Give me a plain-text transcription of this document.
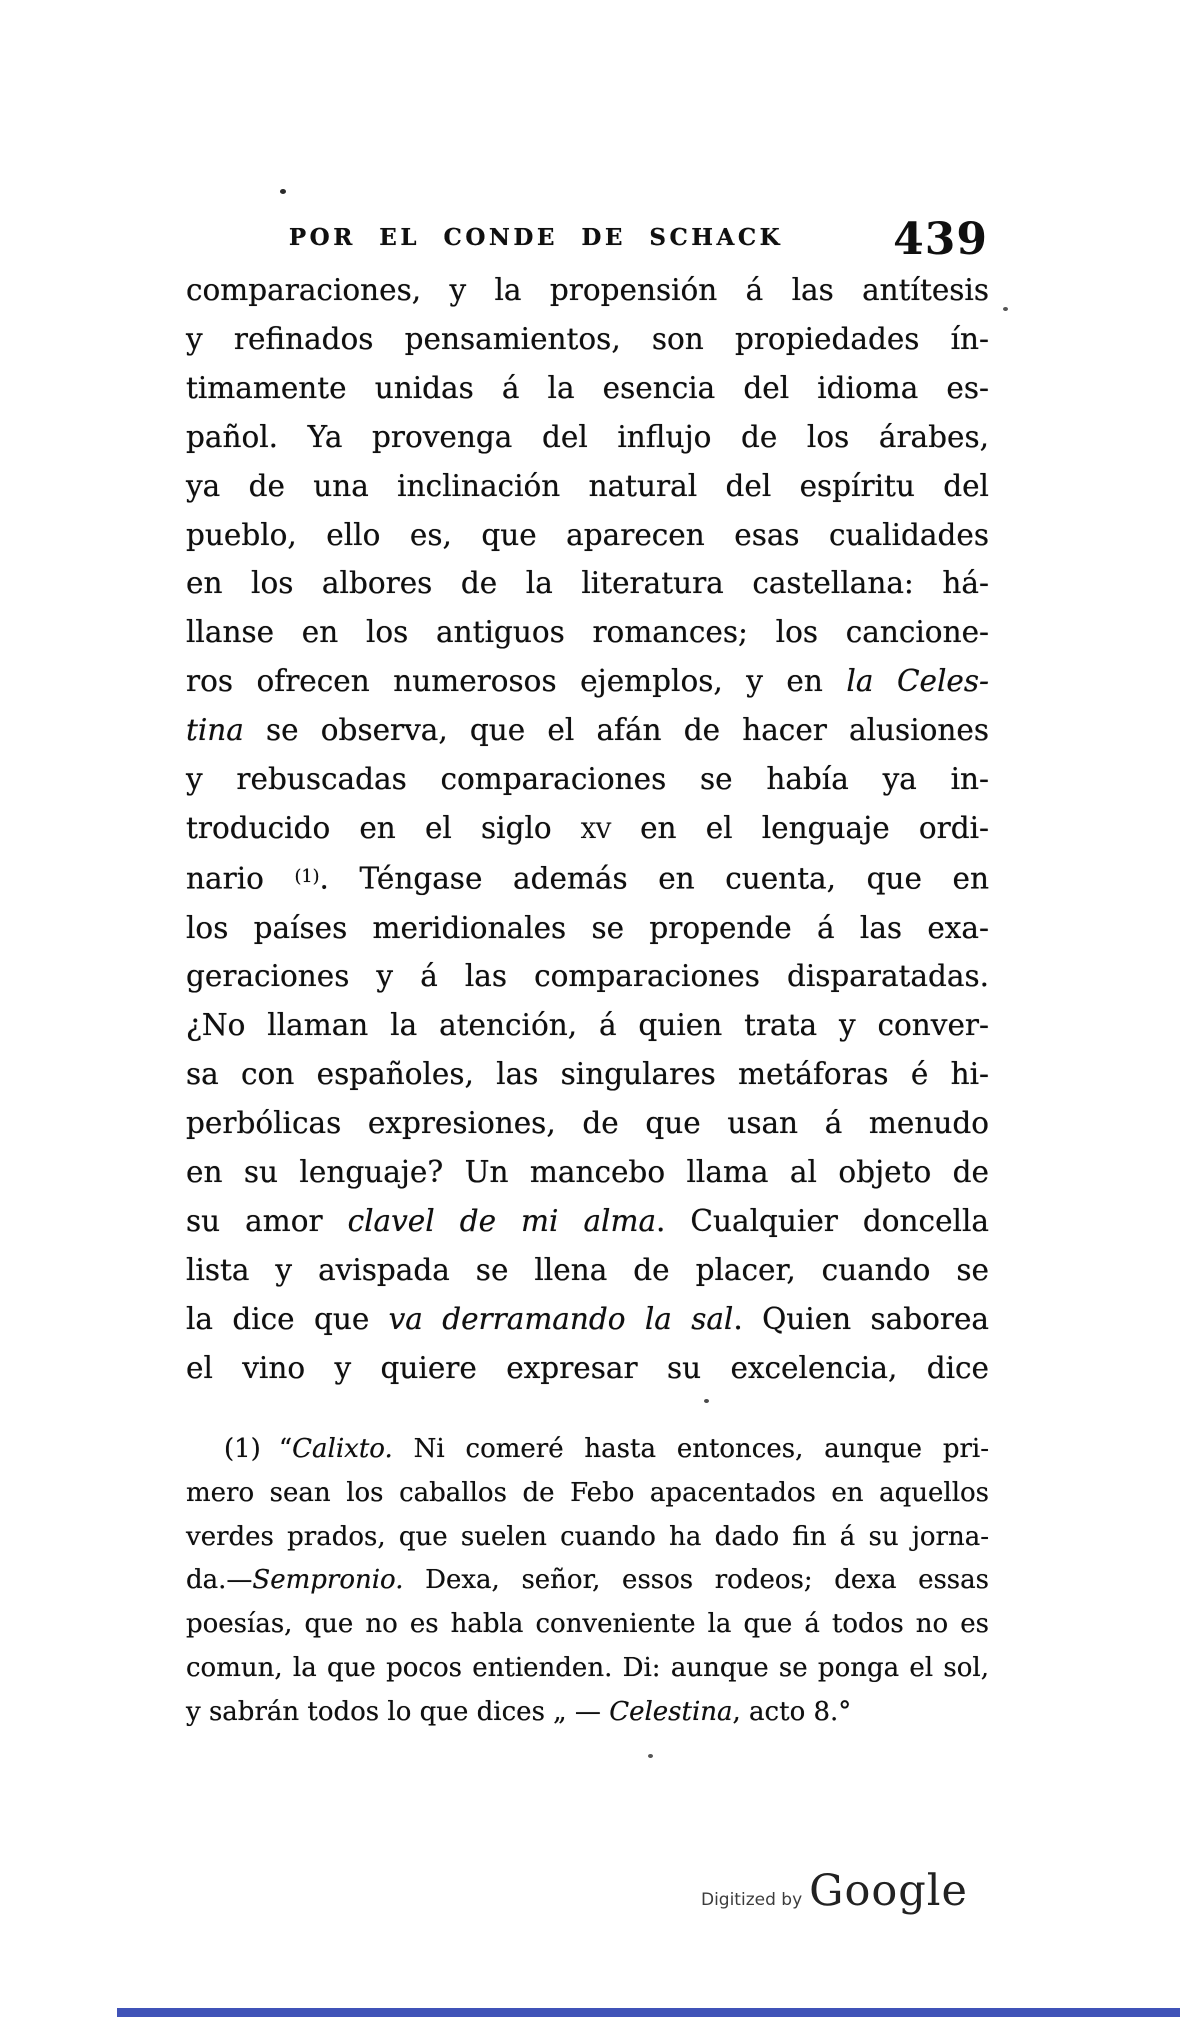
POR EL CONDE DE SCHACK	439
comparaciones, y la propensión á las antítesis
y refinados pensamientos, son propiedades ín-
timamente unidas á la esencia del idioma es-
pañol. Ya provenga del influjo de los árabes,
ya de una inclinación natural del espíritu del
pueblo, ello es, que aparecen esas cualidades
en los albores de la literatura castellana: há-
llanse en los antiguos romances; los cancione-
ros ofrecen numerosos ejemplos, y en la Celes-
tina se observa, que el afán de hacer alusiones
y rebuscadas comparaciones se había ya in-
troducido en el siglo xv en el lenguaje ordi-
nario $^{(1)}$. Téngase además en cuenta, que en
los países meridionales se propende á las exa-
geraciones y á las comparaciones disparatadas.
¿No llaman la atención, á quien trata y conver-
sa con españoles, las singulares metáforas é hi-
perbólicas expresiones, de que usan á menudo
en su lenguaje? Un mancebo llama al objeto de
su amor clavel de mi alma. Cualquier doncella
lista y avispada se llena de placer, cuando se
la dice que va derramando la sal. Quien saborea
el vino y quiere expresar su excelencia, dice
(1) “Calixto. Ni comeré hasta entonces, aunque pri-
mero sean los caballos de Febo apacentados en aquellos
verdes prados, que suelen cuando ha dado fin á su jorna-
da.—Sempronio. Dexa, señor, essos rodeos; dexa essas
poesías, que no es habla conveniente la que á todos no es
comun, la que pocos entienden. Di: aunque se ponga el sol,
y sabrán todos lo que dices „ — Celestina, acto 8.°
Digitized by Google
